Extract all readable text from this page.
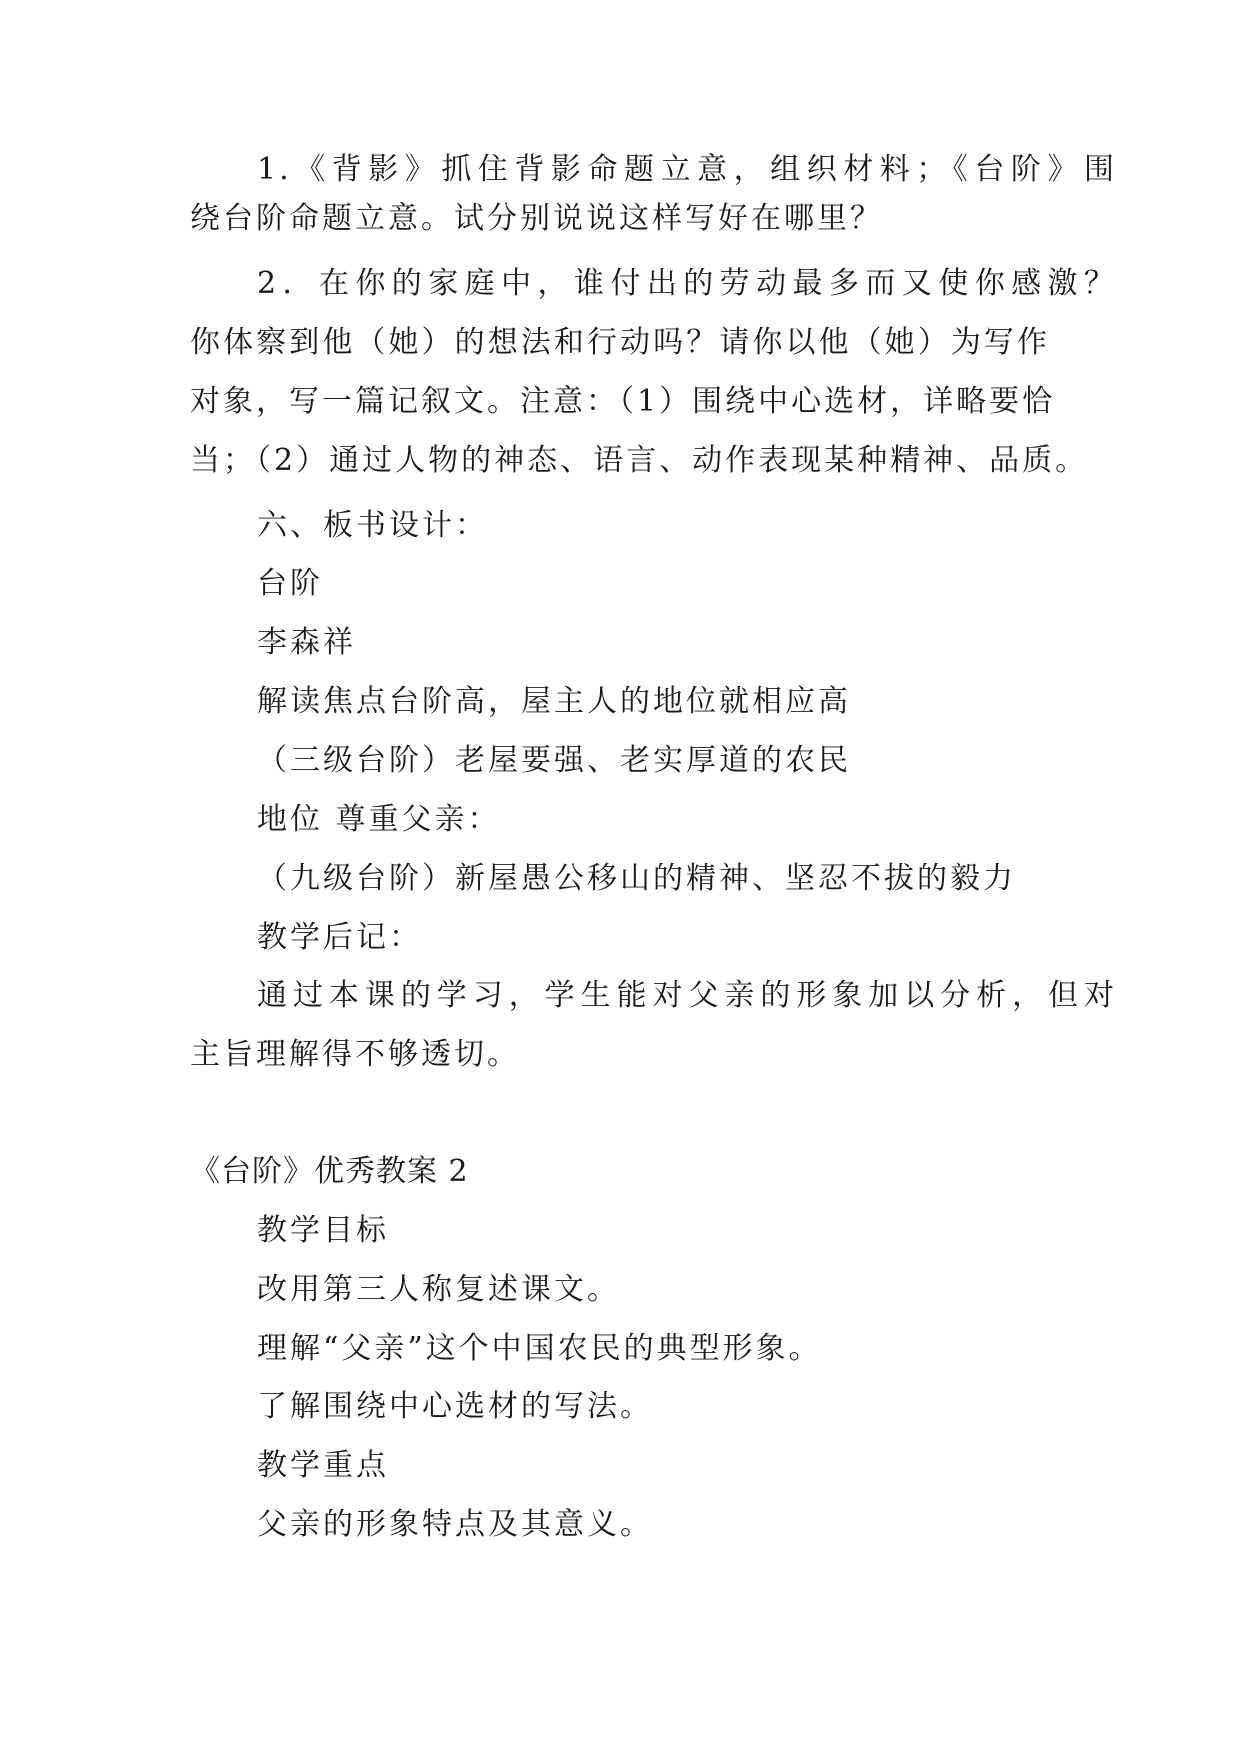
1.《背影》抓住背影命题立意，组织材料；《台阶》围
绕台阶命题立意。试分别说说这样写好在哪里？
2．在你的家庭中，谁付出的劳动最多而又使你感激？
你体察到他（她）的想法和行动吗？请你以他（她）为写作
对象，写一篇记叙文。注意：（1）围绕中心选材，详略要恰
当；（2）通过人物的神态、语言、动作表现某种精神、品质。
六、板书设计：
台阶
李森祥
解读焦点台阶高，屋主人的地位就相应高
（三级台阶）老屋要强、老实厚道的农民
地位 尊重父亲：
（九级台阶）新屋愚公移山的精神、坚忍不拔的毅力
教学后记：
通过本课的学习，学生能对父亲的形象加以分析，但对
主旨理解得不够透切。
《台阶》优秀教案 2
教学目标
改用第三人称复述课文。
理解“父亲”这个中国农民的典型形象。
了解围绕中心选材的写法。
教学重点
父亲的形象特点及其意义。
